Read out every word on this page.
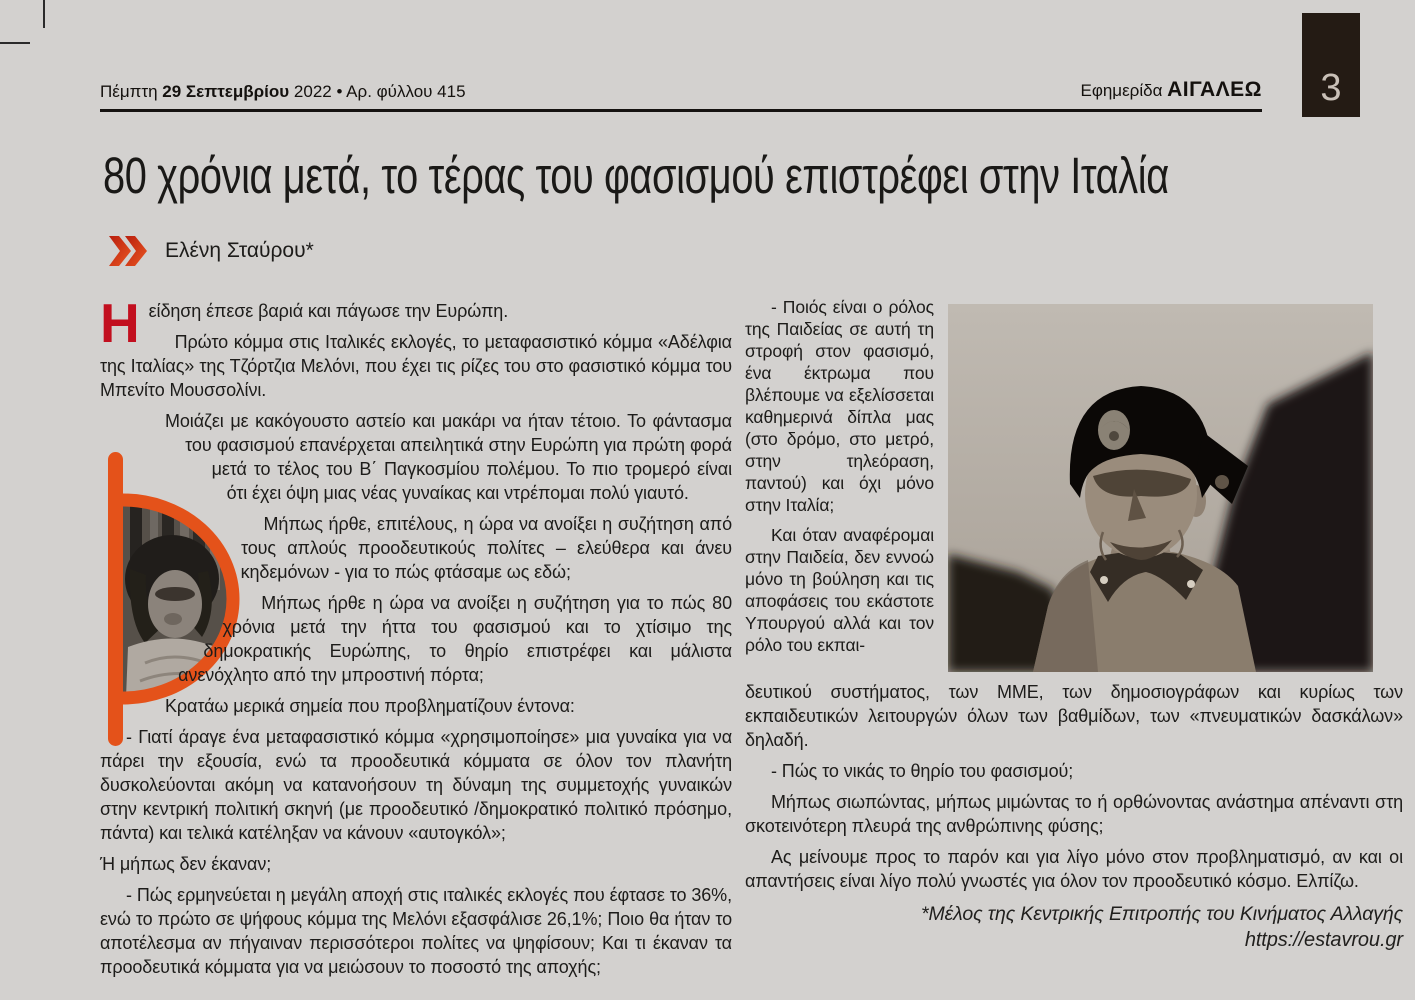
3
Πέμπτη 29 Σεπτεμβρίου 2022 • Αρ. φύλλου 415	Εφημερίδα ΑΙΓΑΛΕΩ
80 χρόνια μετά, το τέρας του φασισμού επιστρέφει στην Ιταλία
Ελένη Σταύρου*
Η είδηση έπεσε βαριά και πάγωσε την Ευρώπη.

Πρώτο κόμμα στις Ιταλικές εκλογές, το μεταφασιστικό κόμμα «Αδέλφια της Ιταλίας» της Τζόρτζια Μελόνι, που έχει τις ρίζες του στο φασιστικό κόμμα του Μπενίτο Μουσσολίνι.

Μοιάζει με κακόγουστο αστείο και μακάρι να ήταν τέτοιο. Το φάντασμα του φασισμού επανέρχεται απειλητικά στην Ευρώπη για πρώτη φορά μετά το τέλος του Β΄ Παγκοσμίου πολέμου. Το πιο τρομερό είναι ότι έχει όψη μιας νέας γυναίκας και ντρέπομαι πολύ γιαυτό.

Μήπως ήρθε, επιτέλους, η ώρα να ανοίξει η συζήτηση από τους απλούς προοδευτικούς πολίτες – ελεύθερα και άνευ κηδεμόνων - για το πώς φτάσαμε ως εδώ;

Μήπως ήρθε η ώρα να ανοίξει η συζήτηση για το πώς 80 χρόνια μετά την ήττα του φασισμού και το χτίσιμο της δημοκρατικής Ευρώπης, το θηρίο επιστρέφει και μάλιστα ανενόχλητο από την μπροστινή πόρτα;

Κρατάω μερικά σημεία που προβληματίζουν έντονα:

- Γιατί άραγε ένα μεταφασιστικό κόμμα «χρησιμοποίησε» μια γυναίκα για να πάρει την εξουσία, ενώ τα προοδευτικά κόμματα σε όλον τον πλανήτη δυσκολεύονται ακόμη να κατανοήσουν τη δύναμη της συμμετοχής γυναικών στην κεντρική πολιτική σκηνή (με προοδευτικό /δημοκρατικό πολιτικό πρόσημο, πάντα) και τελικά κατέληξαν να κάνουν «αυτογκόλ»;

Ή μήπως δεν έκαναν;

- Πώς ερμηνεύεται η μεγάλη αποχή στις ιταλικές εκλογές που έφτασε το 36%, ενώ το πρώτο σε ψήφους κόμμα της Μελόνι εξασφάλισε 26,1%; Ποιο θα ήταν το αποτέλεσμα αν πήγαιναν περισσότεροι πολίτες να ψηφίσουν; Και τι έκαναν τα προοδευτικά κόμματα για να μειώσουν το ποσοστό της αποχής;

- Ποιός είναι ο ρόλος της Παιδείας σε αυτή τη στροφή στον φασισμό, ένα έκτρωμα που βλέπουμε να εξελίσσεται καθημερινά δίπλα μας (στο δρόμο, στο μετρό, στην τηλεόραση, παντού) και όχι μόνο στην Ιταλία;

Και όταν αναφέρομαι στην Παιδεία, δεν εννοώ μόνο τη βούληση και τις αποφάσεις του εκάστοτε Υπουργού αλλά και τον ρόλο του εκπαι-

δευτικού συστήματος, των ΜΜΕ, των δημοσιογράφων και κυρίως των εκπαιδευτικών λειτουργών όλων των βαθμίδων, των «πνευματικών δασκάλων» δηλαδή.

- Πώς το νικάς το θηρίο του φασισμού;

Μήπως σιωπώντας, μήπως μιμώντας το ή ορθώνοντας ανάστημα απέναντι στη σκοτεινότερη πλευρά της ανθρώπινης φύσης;

Ας μείνουμε προς το παρόν και για λίγο μόνο στον προβληματισμό, αν και οι απαντήσεις είναι λίγο πολύ γνωστές για όλον τον προοδευτικό κόσμο. Ελπίζω.

*Μέλος της Κεντρικής Επιτροπής του Κινήματος Αλλαγής
https://estavrou.gr
